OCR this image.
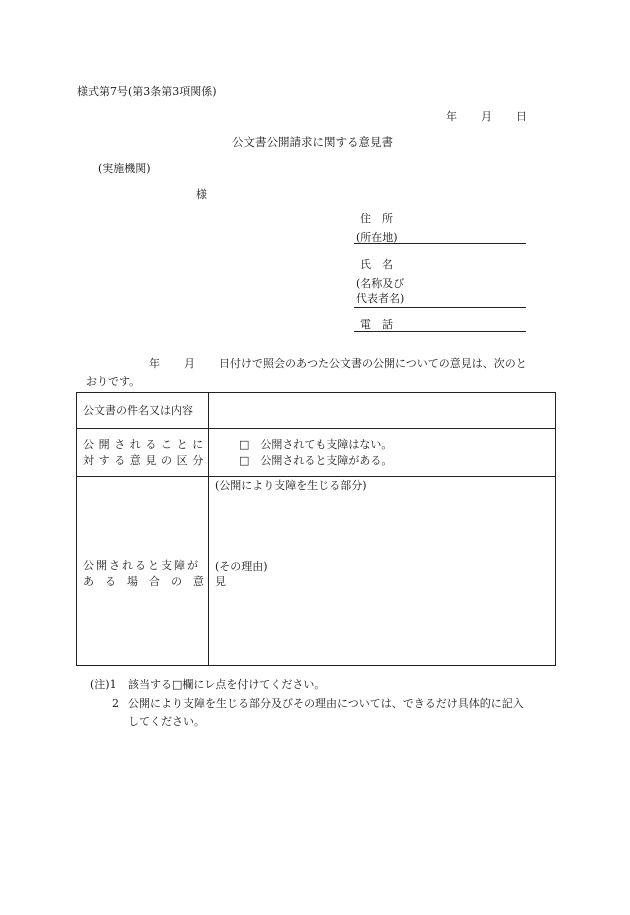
様式第7号(第3条第3項関係)
年 月 日
公文書公開請求に関する意見書
(実施機関)
様
住　所
(所在地)
氏　名
(名称及び
代表者名)
電　話
年 月 日付けで照会のあつた公文書の公開についての意見は、次のと
おりです。
公文書の件名又は内容
公開されることに
対する意見の区分
□　公開されても支障はない。
□　公開されると支障がある。
(公開により支障を生じる部分)
(その理由)
公開されると支障が
ある場合の意見
(注)1 該当する□欄にレ点を付けてください。
2 公開により支障を生じる部分及びその理由については、できるだけ具体的に記入
してください。
